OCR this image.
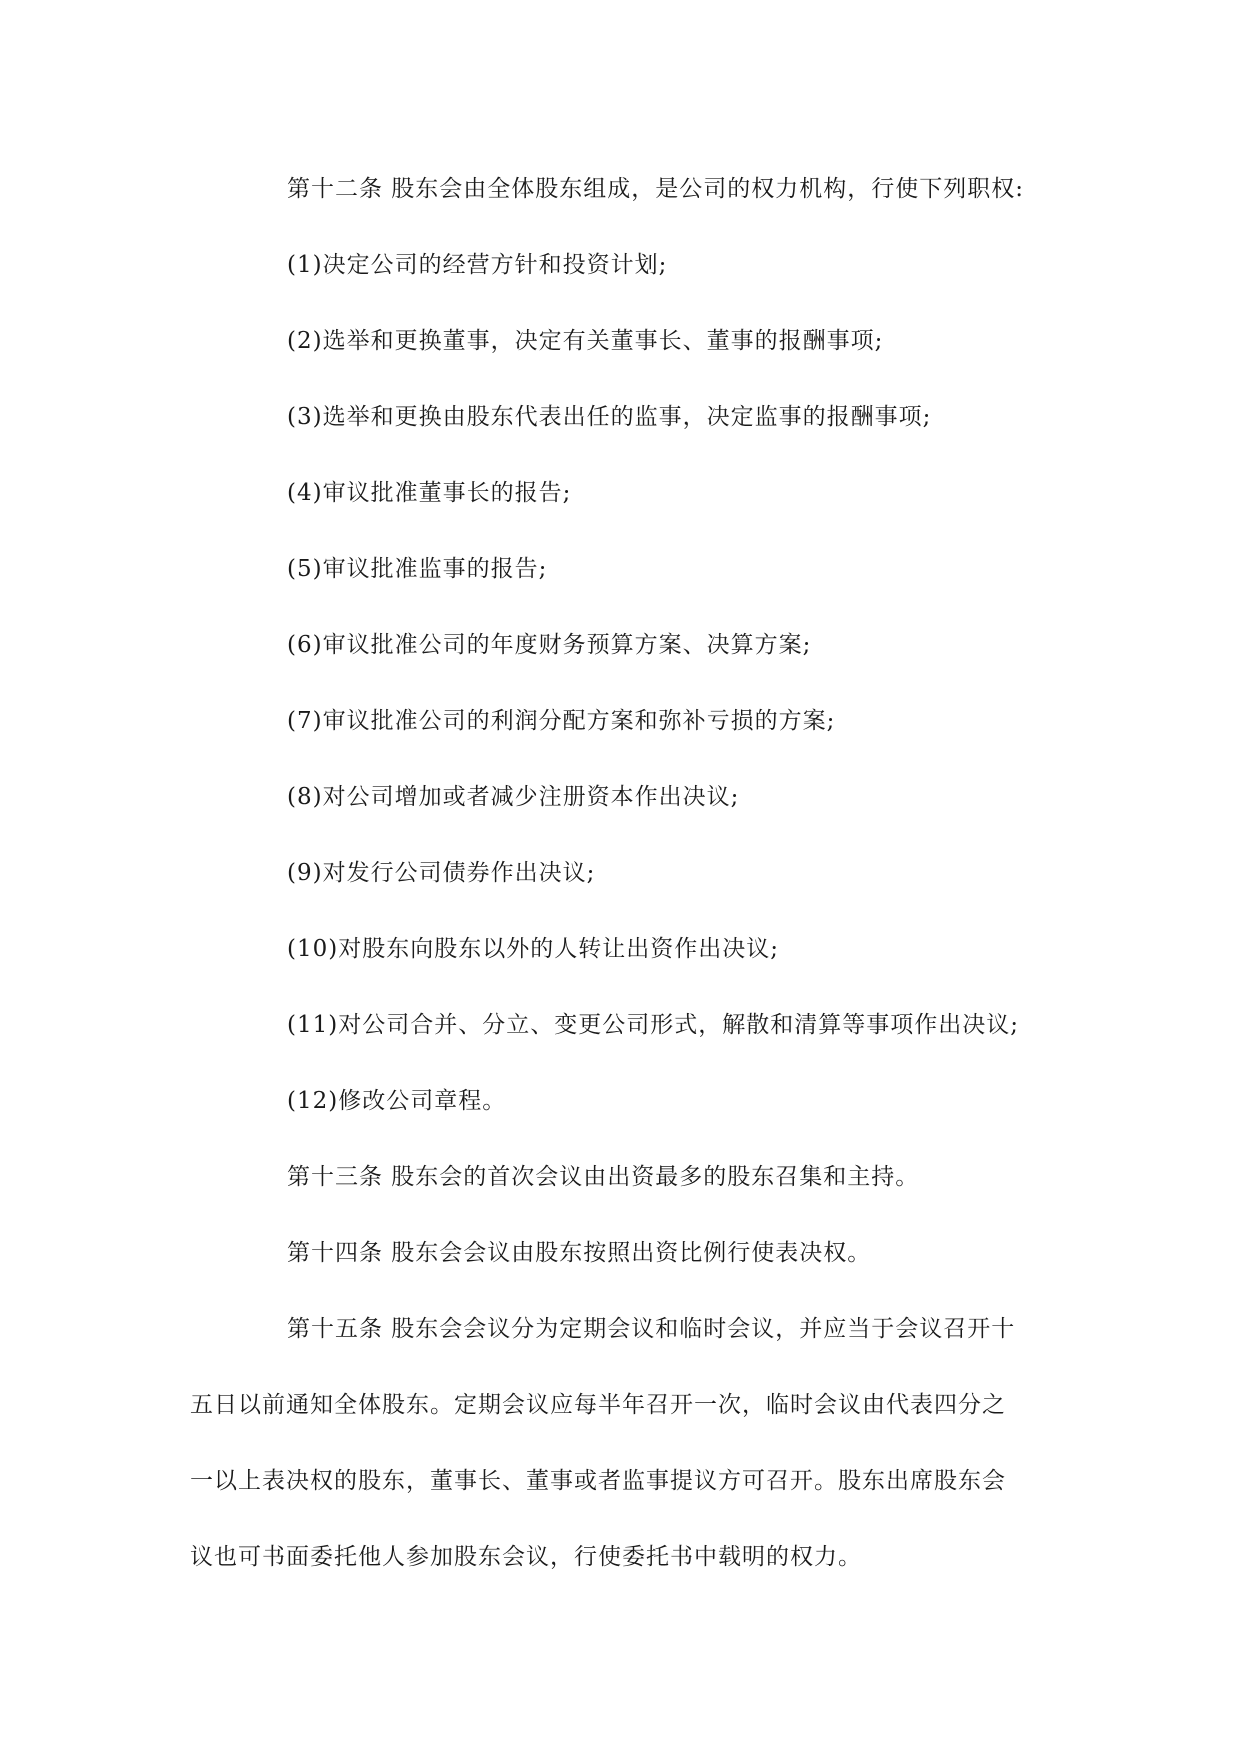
第十二条 股东会由全体股东组成，是公司的权力机构，行使下列职权:
(1)决定公司的经营方针和投资计划;
(2)选举和更换董事，决定有关董事长、董事的报酬事项;
(3)选举和更换由股东代表出任的监事，决定监事的报酬事项;
(4)审议批准董事长的报告;
(5)审议批准监事的报告;
(6)审议批准公司的年度财务预算方案、决算方案;
(7)审议批准公司的利润分配方案和弥补亏损的方案;
(8)对公司增加或者减少注册资本作出决议;
(9)对发行公司债券作出决议;
(10)对股东向股东以外的人转让出资作出决议;
(11)对公司合并、分立、变更公司形式，解散和清算等事项作出决议;
(12)修改公司章程。
第十三条 股东会的首次会议由出资最多的股东召集和主持。
第十四条 股东会会议由股东按照出资比例行使表决权。
第十五条 股东会会议分为定期会议和临时会议，并应当于会议召开十
五日以前通知全体股东。定期会议应每半年召开一次，临时会议由代表四分之
一以上表决权的股东，董事长、董事或者监事提议方可召开。股东出席股东会
议也可书面委托他人参加股东会议，行使委托书中载明的权力。
